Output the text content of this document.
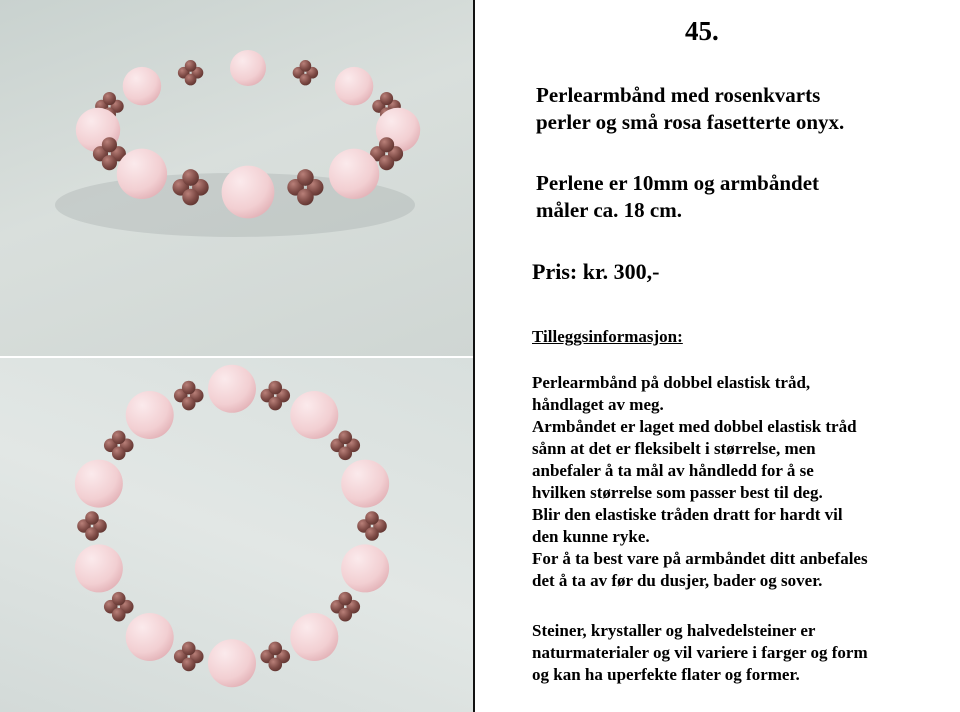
45.

Perlearmbånd med rosenkvarts
perler og små rosa fasetterte onyx.

Perlene er 10mm og armbåndet
måler ca. 18 cm.

Pris: kr. 300,-

Tilleggsinformasjon:

Perlearmbånd på dobbel elastisk tråd,
håndlaget av meg.
Armbåndet er laget med dobbel elastisk tråd
sånn at det er fleksibelt i størrelse, men
anbefaler å ta mål av håndledd for å se
hvilken størrelse som passer best til deg.
Blir den elastiske tråden dratt for hardt vil
den kunne ryke.
For å ta best vare på armbåndet ditt anbefales
det å ta av før du dusjer, bader og sover.

Steiner, krystaller og halvedelsteiner er
naturmaterialer og vil variere i farger og form
og kan ha uperfekte flater og former.
